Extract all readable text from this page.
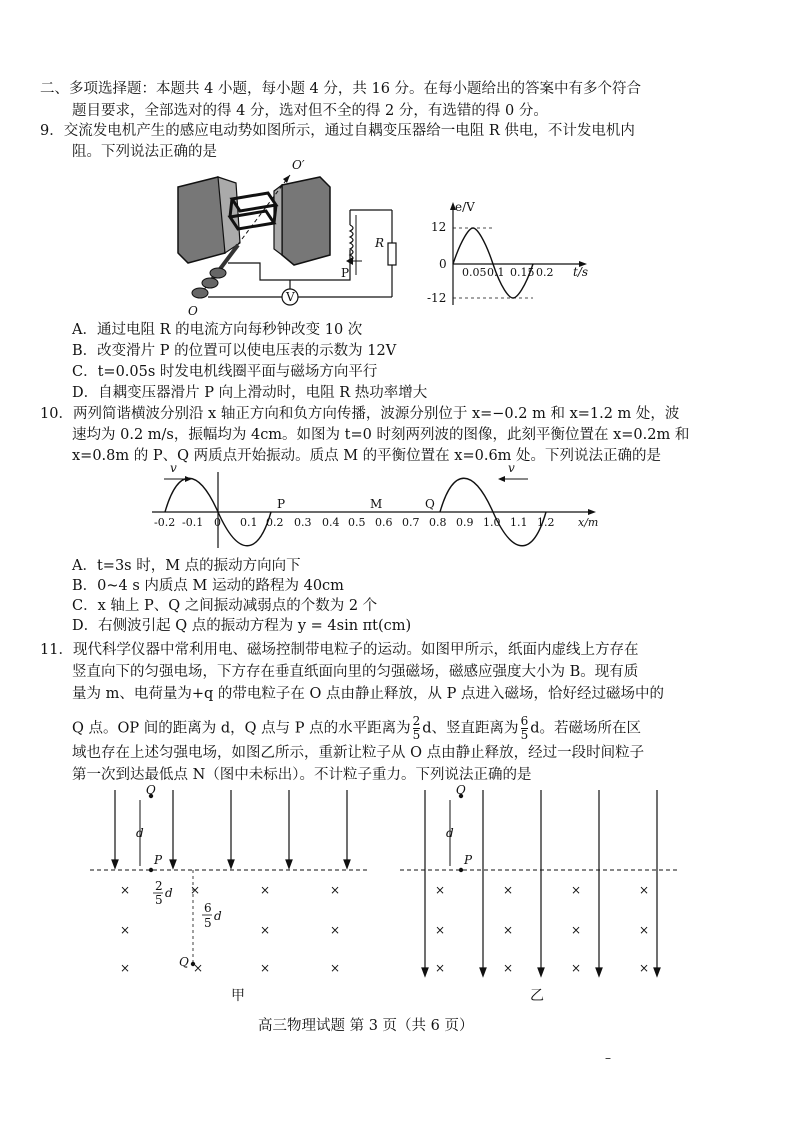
二、多项选择题：本题共 4 小题，每小题 4 分，共 16 分。在每小题给出的答案中有多个符合
题目要求，全部选对的得 4 分，选对但不全的得 2 分，有选错的得 0 分。
9．交流发电机产生的感应电动势如图所示，通过自耦变压器给一电阻 R 供电，不计发电机内
阻。下列说法正确的是
O′
O
V
P
R
e/V
t/s
12
0
-12
0.05 0.1 0.15 0.2
A．通过电阻 R 的电流方向每秒钟改变 10 次
B．改变滑片 P 的位置可以使电压表的示数为 12V
C．t=0.05s 时发电机线圈平面与磁场方向平行
D．自耦变压器滑片 P 向上滑动时，电阻 R 热功率增大
10．两列简谐横波分别沿 x 轴正方向和负方向传播，波源分别位于 x=−0.2 m 和 x=1.2 m 处，波
速均为 0.2 m/s，振幅均为 4cm。如图为 t=0 时刻两列波的图像，此刻平衡位置在 x=0.2m 和
x=0.8m 的 P、Q 两质点开始振动。质点 M 的平衡位置在 x=0.6m 处。下列说法正确的是
v	v
P	M	Q
-0.2 -0.1 0 0.1 0.2 0.3 0.4 0.5 0.6 0.7 0.8 0.9 1.0 1.1 1.2 x/m
A．t=3s 时，M 点的振动方向向下
B．0~4 s 内质点 M 运动的路程为 40cm
C．x 轴上 P、Q 之间振动减弱点的个数为 2 个
D．右侧波引起 Q 点的振动方程为 y = 4sin πt(cm)
11．现代科学仪器中常利用电、磁场控制带电粒子的运动。如图甲所示，纸面内虚线上方存在
竖直向下的匀强电场，下方存在垂直纸面向里的匀强磁场，磁感应强度大小为 B。现有质
量为 m、电荷量为+q 的带电粒子在 O 点由静止释放，从 P 点进入磁场，恰好经过磁场中的
Q 点。OP 间的距离为 d，Q 点与 P 点的水平距离为 $\frac{2}{5}$ d、竖直距离为 $\frac{6}{5}$ d。若磁场所在区
域也存在上述匀强电场，如图乙所示，重新让粒子从 O 点由静止释放，经过一段时间粒子
第一次到达最低点 N（图中未标出）。不计粒子重力。下列说法正确的是
O
P
d
2
5 d
6
5 d
Q
×	×	×	×
×	×	×
×	×	×	×
甲
O
P
d
×	×	×	×
×	×	×	×
×	×	×	×
乙
高三物理试题 第 3 页（共 6 页）
–
